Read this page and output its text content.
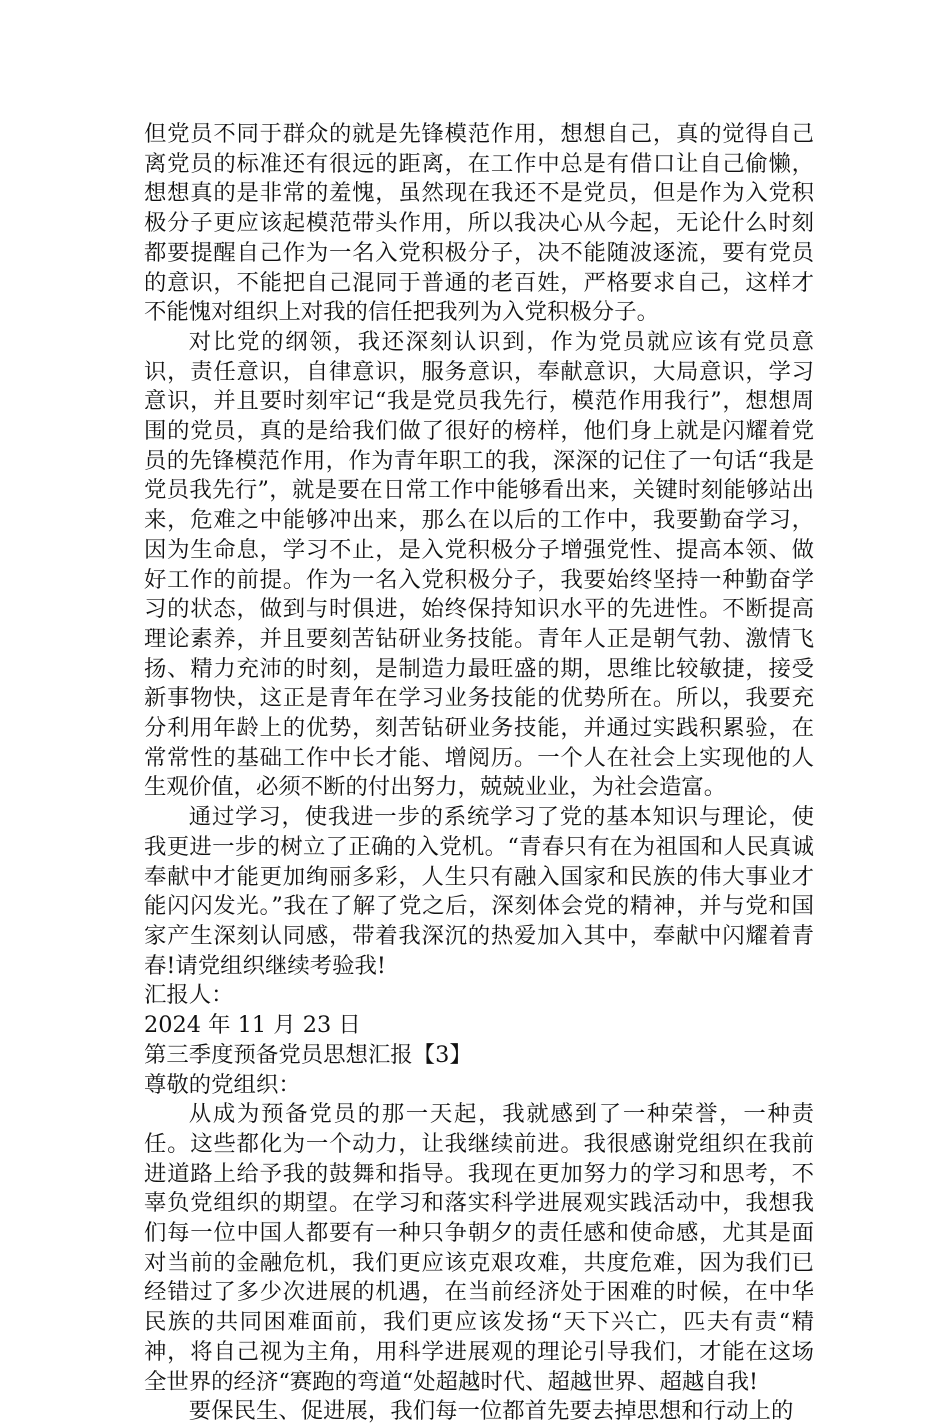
但党员不同于群众的就是先锋模范作用，想想自己，真的觉得自己离党员的标准还有很远的距离，在工作中总是有借口让自己偷懒，想想真的是非常的羞愧，虽然现在我还不是党员，但是作为入党积极分子更应该起模范带头作用，所以我决心从今起，无论什么时刻都要提醒自己作为一名入党积极分子，决不能随波逐流，要有党员的意识，不能把自己混同于普通的老百姓，严格要求自己，这样才不能愧对组织上对我的信任把我列为入党积极分子。

对比党的纲领，我还深刻认识到，作为党员就应该有党员意识，责任意识，自律意识，服务意识，奉献意识，大局意识，学习意识，并且要时刻牢记“我是党员我先行，模范作用我行”，想想周围的党员，真的是给我们做了很好的榜样，他们身上就是闪耀着党员的先锋模范作用，作为青年职工的我，深深的记住了一句话“我是党员我先行”，就是要在日常工作中能够看出来，关键时刻能够站出来，危难之中能够冲出来，那么在以后的工作中，我要勤奋学习，因为生命息，学习不止，是入党积极分子增强党性、提高本领、做好工作的前提。作为一名入党积极分子，我要始终坚持一种勤奋学习的状态，做到与时俱进，始终保持知识水平的先进性。不断提高理论素养，并且要刻苦钻研业务技能。青年人正是朝气勃、激情飞扬、精力充沛的时刻，是制造力最旺盛的期，思维比较敏捷，接受新事物快，这正是青年在学习业务技能的优势所在。所以，我要充分利用年龄上的优势，刻苦钻研业务技能，并通过实践积累验，在常常性的基础工作中长才能、增阅历。一个人在社会上实现他的人生观价值，必须不断的付出努力，兢兢业业，为社会造富。

通过学习，使我进一步的系统学习了党的基本知识与理论，使我更进一步的树立了正确的入党机。“青春只有在为祖国和人民真诚奉献中才能更加绚丽多彩，人生只有融入国家和民族的伟大事业才能闪闪发光。”我在了解了党之后，深刻体会党的精神，并与党和国家产生深刻认同感，带着我深沉的热爱加入其中，奉献中闪耀着青春!请党组织继续考验我!

汇报人：

2024 年 11 月 23 日

第三季度预备党员思想汇报【3】

尊敬的党组织：

从成为预备党员的那一天起，我就感到了一种荣誉，一种责任。这些都化为一个动力，让我继续前进。我很感谢党组织在我前进道路上给予我的鼓舞和指导。我现在更加努力的学习和思考，不辜负党组织的期望。在学习和落实科学进展观实践活动中，我想我们每一位中国人都要有一种只争朝夕的责任感和使命感，尤其是面对当前的金融危机，我们更应该克艰攻难，共度危难，因为我们已经错过了多少次进展的机遇，在当前经济处于困难的时候，在中华民族的共同困难面前，我们更应该发扬“天下兴亡，匹夫有责“精神，将自己视为主角，用科学进展观的理论引导我们，才能在这场全世界的经济“赛跑的弯道“处超越时代、超越世界、超越自我!

要保民生、促进展，我们每一位都首先要去掉思想和行动上的
